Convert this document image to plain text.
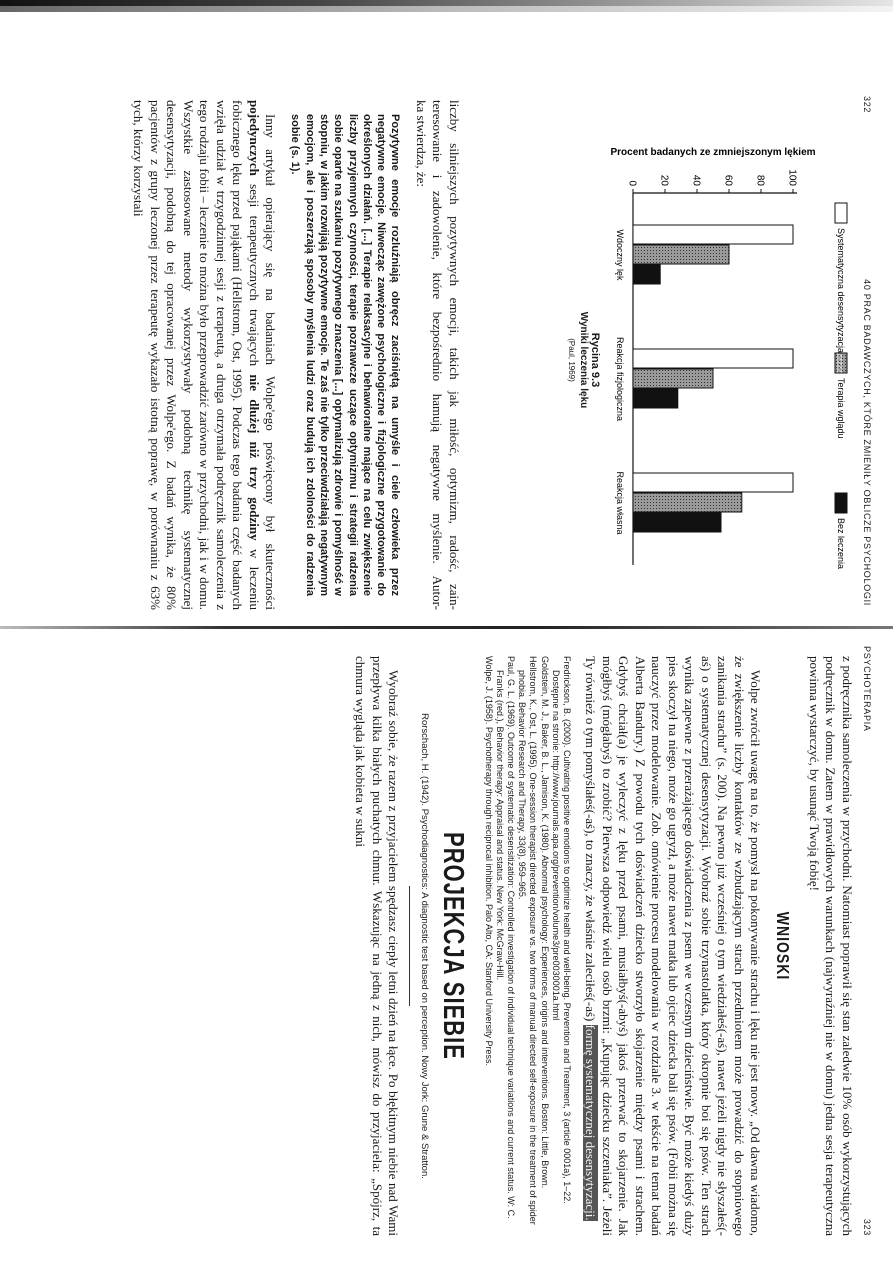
322
40 PRAC BADAWCZYCH, KTÓRE ZMIENIŁY OBLICZE PSYCHOLOGII
Procent badanych ze zmniejszonym lękiem
0 20 40 60 80 100
Systematyczna desensytyzacja
Terapia wglądu
Bez leczenia
ZZZZZ
Wdoczny lęk
Reakcja fizjologiczna
Reakcja własna
Rycina 9.3
Wyniki leczenia lęku
(Paul, 1969)

liczby silniejszych pozytywnych emocji, takich jak miłość, optymizm, radość, zain-

teresowanie i zadowolenie, które bezpośrednio hamują negatywne myślenie. Autor-

ka stwierdza, że:

Pozytywne emocje rozluźniają obręcz zaciśniętą na umyśle i ciele człowieka przez negatywne emocje. Niwecząc zawężone psychologiczne i fizjologiczne przygotowanie do określonych działań. [...] Terapie relaksacyjne i behawioralne mające na celu zwiększenie liczby przyjemnych czynności, terapie poznawcze uczące optymizmu i strategii radzenia sobie oparte na szukaniu pozytywnego znaczenia [...] optymalizują zdrowie i pomyślność w stopniu, w jakim rozwijają pozytywne emocje. Te zaś nie tylko przeciwdziałają negatywnym emocjom, ale i poszerzają sposoby myślenia ludzi oraz budują ich zdolności do radzenia sobie (s. 1).

Inny artykuł opierający się na badaniach Wolpe'ego poświęcony był skuteczności pojedynczych sesji terapeutycznych trwających nie dłużej niż trzy godziny w leczeniu fobicznego lęku przed pająkami (Hellstrom, Ost, 1995). Podczas tego badania część badanych wzięła udział w trzygodzinnej sesji z terapeutą, a druga otrzymała podręcznik samoleczenia z tego rodzaju fobii – leczenie to można było przeprowadzić zarówno w przychodni, jak i w domu. Wszystkie zastosowane metody wykorzystywały podobną technikę systematycznej desensytyzacji, podobną do tej opracowanej przez Wolpe'ego. Z badań wynika, że 80% pacjentów z grupy leczonej przez terapeutę wykazało istotną poprawę, w porównaniu z 63% tych, którzy korzystali

PSYCHOTERAPIA
323

z podręcznika samoleczenia w przychodni. Natomiast poprawił się stan zaledwie 10% osób wykorzystujących podręcznik w domu. Zatem w prawidłowych warunkach (najwyraźniej nie w domu) jedna sesja terapeutyczna powinna wystarczyć, by usunąć Twoją fobię!

WNIOSKI

Wolpe zwrócił uwagę na to, że pomysł na pokonywanie strachu i lęku nie jest nowy. „Od dawna wiadomo, że zwiększenie liczby kontaktów ze wzbudzającym strach przedmiotem może prowadzić do stopniowego zanikania strachu” (s. 200). Na pewno już wcześniej o tym wiedziałeś(-aś), nawet jeżeli nigdy nie słyszałeś(-aś) o systematycznej desensytyzacji. Wyobraź sobie trzynastolatka, który okropnie boi się psów. Ten strach wynika zapewne z przerażającego doświadczenia z psem we wczesnym dzieciństwie. Być może kiedyś duży pies skoczył na niego, może go ugryzł, a może nawet matka lub ojciec dziecka bali się psów. (Fobii można się nauczyć przez modelowanie. Zob. omówienie procesu modelowania w rozdziale 3. w tekście na temat badań Alberta Bandury.) Z powodu tych doświadczeń dziecko stworzyło skojarzenie między psami i strachem. Gdybyś chciał(a) je wyleczyć z lęku przed psami, musiałbyś(-abyś) jakoś przerwać to skojarzenie. Jak mógłbyś (mógłabyś) to zrobić? Pierwsza odpowiedź wielu osób brzmi: „Kupując dziecku szczeniaka”. Jeżeli Ty również o tym pomyślałeś(-aś), to znaczy, że właśnie zaleciłeś(-aś) formę systematycznej desensytyzacji.

Fredrickson, B. (2000). Cultivating positive emotions to optimize health and well-being. Prevention and Treatment, 3 (article 0001a), 1–22. Dostępne na stronie: http://www.journals.apa.org/prevention/volume3/pre0030001a.html
Goldstein, M. J., Baker, B. L., Jamison, K. (1980). Abnormal psychology: Experiences, origins and interventions. Boston: Little, Brown.
Hellstrom, K., Ost, L. (1995). One-session therapist directed exposure vs. two forms of manual directed self-exposure in the treatment of spider phobia. Behavior Research and Therapy, 33(8), 959–965.
Paul, G. L. (1969). Outcome of systematic desensitization: Controlled investigation of individual technique variations and current status. W: C. Franks (red.), Behavior therapy: Appraisal and status. New York: McGraw-Hill.
Wolpe, J. (1958). Psychotherapy through reciprocal inhibition. Palo Alto, CA: Stanford University Press.
PROJEKCJA SIEBIE
Rorschach, H. (1942). Psychodiagnostics: A diagnostic test based on perception. Nowy Jork: Grune & Stratton.

Wyobraź sobie, że razem z przyjacielem spędzasz ciepły letni dzień na łące. Po błękitnym niebie nad Wami przepływa kilka białych puchatych chmur. Wskazując na jedną z nich, mówisz do przyjaciela: „Spójrz, ta chmura wygląda jak kobieta w sukni
